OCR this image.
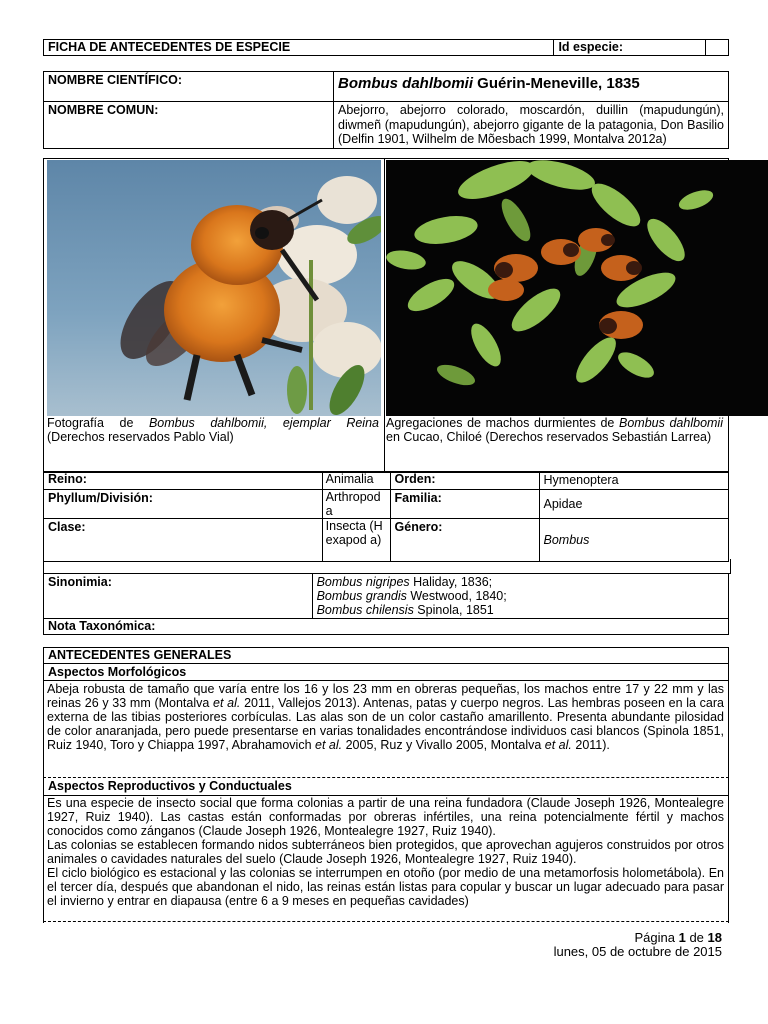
FICHA DE ANTECEDENTES DE ESPECIE	Id especie:	
NOMBRE CIENTÍFICO:	Bombus dahlbomii Guérin-Meneville, 1835
NOMBRE COMUN:	Abejorro, abejorro colorado, moscardón, duillin (mapudungún), diwmeñ (mapudungún), abejorro gigante de la patagonia, Don Basilio (Delfin 1901, Wilhelm de Mõesbach 1999, Montalva 2012a)
Fotografía de Bombus dahlbomii, ejemplar Reina (Derechos reservados Pablo Vial)
Agregaciones de machos durmientes de Bombus dahlbomii en Cucao, Chiloé (Derechos reservados Sebastián Larrea)
Reino:	Animalia	Orden:	Hymenoptera
Phyllum/División:	Arthropod a	Familia:	Apidae
Clase:	Insecta (Hexapod a)	Género:	Bombus
Sinonimia:	Bombus nigripes Haliday, 1836;
Bombus grandis Westwood, 1840;
Bombus chilensis Spinola, 1851

Nota Taxonómica:
ANTECEDENTES GENERALES
Aspectos Morfológicos
Abeja robusta de tamaño que varía entre los 16 y los 23 mm en obreras pequeñas, los machos entre 17 y 22 mm y las reinas 26 y 33 mm (Montalva et al. 2011, Vallejos 2013). Antenas, patas y cuerpo negros. Las hembras poseen en la cara externa de las tibias posteriores corbículas. Las alas son de un color castaño amarillento. Presenta abundante pilosidad de color anaranjada, pero puede presentarse en varias tonalidades encontrándose individuos casi blancos (Spinola 1851, Ruiz 1940, Toro y Chiappa 1997, Abrahamovich et al. 2005, Ruz y Vivallo 2005, Montalva et al. 2011).
Aspectos Reproductivos y Conductuales
Es una especie de insecto social que forma colonias a partir de una reina fundadora (Claude Joseph 1926, Montealegre 1927, Ruiz 1940). Las castas están conformadas por obreras infértiles, una reina potencialmente fértil y machos conocidos como zánganos (Claude Joseph 1926, Montealegre 1927, Ruiz 1940).
Las colonias se establecen formando nidos subterráneos bien protegidos, que aprovechan agujeros construidos por otros animales o cavidades naturales del suelo (Claude Joseph 1926, Montealegre 1927, Ruiz 1940).
El ciclo biológico es estacional y las colonias se interrumpen en otoño (por medio de una metamorfosis holometábola). En el tercer día, después que abandonan el nido, las reinas están listas para copular y buscar un lugar adecuado para pasar el invierno y entrar en diapausa (entre 6 a 9 meses en pequeñas cavidades)
Página 1 de 18
lunes, 05 de octubre de 2015
